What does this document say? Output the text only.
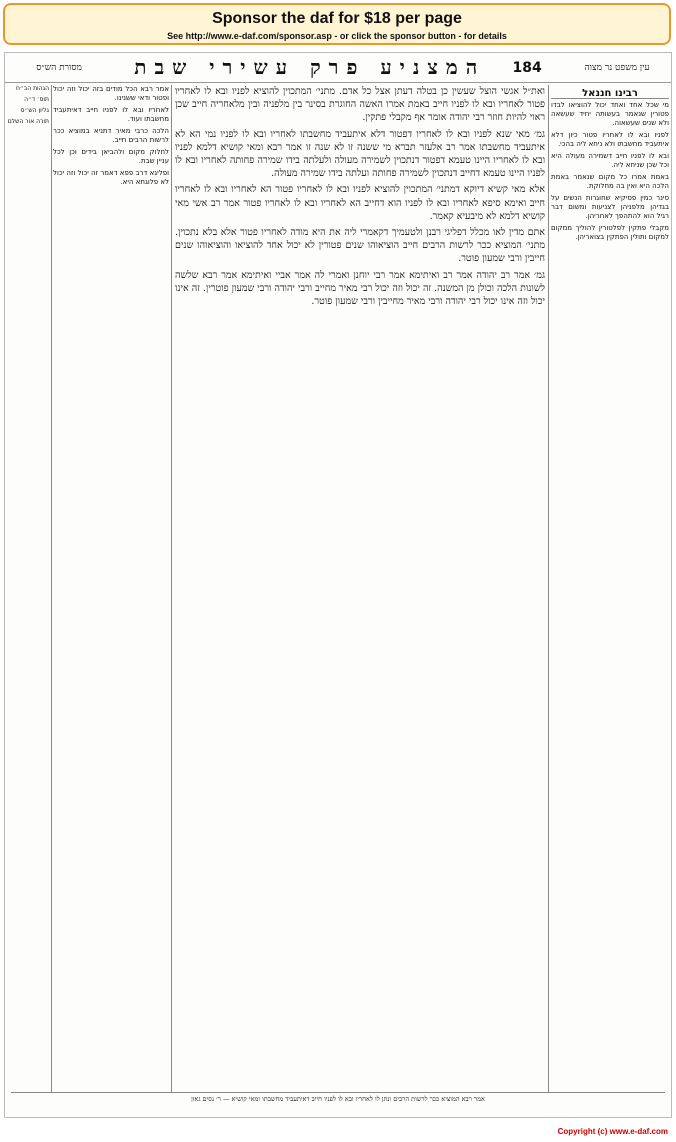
Sponsor the daf for $18 per page
See http://www.e-daf.com/sponsor.asp - or click the sponsor button - for details
עין משפט נר מצוה
184
המצניע פרק עשירי שבת
מסורת הש״ס
רבינו חננאל

מי שכל אחד ואחד יכול להוציאו לבדו פטורין שנאמר בעשותה יחיד שעשאה ולא שנים שעשאוה.

לפניו ובא לו לאחריו פטור כיון דלא איתעביד מחשבתו ולא ניחא ליה בהכי.

ובא לו לפניו חייב דשמירה מעולה היא וכל שכן שניחא ליה.

באמת אמרו כל מקום שנאמר באמת הלכה היא ואין בה מחלוקת.

סינר כמין פסיקיא שחוגרות הנשים על בגדיהן מלפניהן לצניעות ומשום דבר רגיל הוא להתהפך לאחריהן.

מקבלי פתקין לפלטורין להוליך ממקום למקום ותולין הפתקין בצואריהן.

ואת״ל אגשי הוצל שעשין כן בטלה דעתן אצל כל אדם. מתני׳ המתכוין להוציא לפניו ובא לו לאחריו פטור לאחריו ובא לו לפניו חייב באמת אמרו האשה החוגרת בסינר בין מלפניה ובין מלאחריה חייב שכן ראוי להיות חוזר רבי יהודה אומר אף מקבלי פתקין.

גמ׳ מאי שנא לפניו ובא לו לאחריו דפטור דלא איתעביד מחשבתו לאחריו ובא לו לפניו נמי הא לא איתעביד מחשבתו אמר רב אלעזר תברא מי ששנה זו לא שנה זו אמר רבא ומאי קושיא דלמא לפניו ובא לו לאחריו היינו טעמא דפטור דנתכוין לשמירה מעולה ולעלתה בידו שמירה פחותה לאחריו ובא לו לפניו היינו טעמא דחייב דנתכוין לשמירה פחותה ועלתה בידו שמירה מעולה.

אלא מאי קשיא דיוקא דמתני׳ המתכוין להוציא לפניו ובא לו לאחריו פטור הא לאחריו ובא לו לאחריו חייב ואימא סיפא לאחריו ובא לו לפניו הוא דחייב הא לאחריו ובא לו לאחריו פטור אמר רב אשי מאי קושיא דלמא לא מיבעיא קאמר.

אתם מדין לאו מכלל דפליגי רבנן ולטעמיך דקאמרי ליה את היא מודה לאחריו פטור אלא בלא נתכוין. מתני׳ המוציא ככר לרשות הרבים חייב הוציאוהו שנים פטורין לא יכול אחד להוציאו והוציאוהו שנים חייבין ורבי שמעון פוטר.

גמ׳ אמר רב יהודה אמר רב ואיתימא אמר רבי יוחנן ואמרי לה אמר אביי ואיתימא אמר רבא שלשה לשונות הלכה וכולן מן המשנה. זה יכול וזה יכול רבי מאיר מחייב ורבי יהודה ורבי שמעון פוטרין. זה אינו יכול וזה אינו יכול רבי יהודה ורבי מאיר מחייבין ורבי שמעון פוטר.

אמר רבא הכל מודים בזה יכול וזה יכול ופטור ודאי ששנינו.

לאחריו ובא לו לפניו חייב דאיתעביד מחשבתו ועוד.

הלכה כרבי מאיר דתניא במוציא ככר לרשות הרבים חייב.

לחלוק מקום ולהביאן בידים וכן לכל עניין שבת.

ופליגא דרב פפא דאמר זה יכול וזה יכול לא פלוגתא היא.

הגהות הב״ח

תוס׳ ד״ה

גליון הש״ס

תורה אור השלם

אמר רבא המוציא ככר לרשות הרבים ונתן לו לאחריו ובא לו לפניו חייב דאיתעביד מחשבתו ומאי קושיא — ר׳ נסים גאון
Copyright (c) www.e-daf.com
